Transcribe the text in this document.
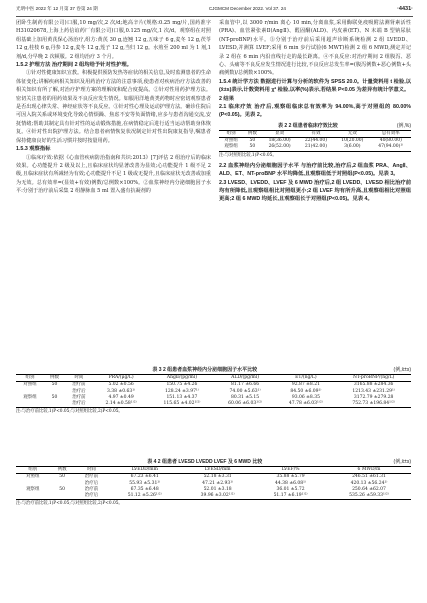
光明中医 2022 年 12 月第 37 卷第 24 期	CJGMCM December 2022. Vol 37. 24	·4431·

团卧生制药有限公司)口服,10 mg/次,2 次/d;地高辛片(规格:0.25 mg/片,国药准字 H31020678,上海上药信谊药厂有限公司)口服,0.125 mg/次,1 次/d。观察组在对照组基础上加用黄芪保心汤治疗,组方:黄芪 30 g,连翘 12 g,五味子 6 g,麦冬 12 g,茯苓 12 g,桂枝 6 g,丹参 12 g,麦冬 12 g,莲子 12 g,当归 12 g。水煎至 200 ml 为 1 剂,1 剂/d,分早晚 2 次顿服。2 组均治疗 3 个月。

1.5.2 护理方法 治疗期间 2 组均给予针对性护理。

①针对性健康知识宣教。积极提供预防发热等症状的相关信息,及时监测患者的生命体征变化;讲解疾病相关知识及用药治疗方法的注意事项,使患者对疾病治疗方法改善的相关知识有所了解,对治疗护理方案的理解度和配合度提高。②针对性用药护理方法。密切关注患者的用药效果及不良反应发生情况。如服用洋地黄类药物时应密切观察患者是否出现心律失常、神经症状等不良反应。③针对性心理及运动护理方法。确诊住院后可因入院关系或环境变化导致心情烦躁、焦虑不安等负面情绪,应多与患者沟通交流,安抚情绪;帮助其制定具有针对性的运动锻炼措施,在病情稳定后进行适当运动帮助身体恢复。④针对性出院护理方法。结合患者病情恢复状况制定针对性出院康复指导,嘱患者保持健康良好的生活习惯并按时按量用药。

1.5.3 观察指标

①临床疗效:依据《心血管疾病防治指南和共识:2013》[7]评估 2 组治疗后的临床效果。心功能提升 2 级及以上,且临床症状均显著改善为显效;心功能提升 1 级不足 2 级,且临床症状有所减轻为有效;心功能提升不足 1 级或无提升,且临床症状无改善或加重为无效。总有效率=(显效+有效)例数/总例数×100%。②血浆神经内分泌细胞因子水平:分别于治疗前后采集 2 组静脉血 5 ml 置入盛有抗凝剂的

采血管中,以 3000 r/min 离心 10 min,分离血浆,采用酶联免疫吸附法测肾素活性(PRA)、血管紧张素Ⅱ(AngⅡ)、醛固酮(ALD)、内皮素(ET)、N 末端 B 型钠尿肽(NT-proBNP)水平。③分别于治疗前后采用超声诊断系统检测 2 组 LVEDD、LVESD,并测算 LVEF;采用 6 min 步行试验(6 MWT)检测 2 组 6 MWD,测定并记录 2 组在 6 min 内沿直线行走的最长距离。④不良反应:对治疗期间 2 组腹泻、恶心、头痛等不良反应发生情况进行比较,不良反应总发生率=(腹泻例数+恶心例数+头痛例数)/总例数×100%。

1.5.4 统计学方法 数据进行计算与分析的软件为 SPSS 20.0。计量资料用 t 检验,以(x̄±s)表示,计数资料用 χ² 检验,以率(%)表示,若结果 P<0.05 为差异有统计学意义。
2 结果
2.1 临床疗效 治疗后,观察组临床总有效率为 94.00%,高于对照组的 80.00%(P<0.05)。见表 2。
表 2 2 组患者临床疗效比较	(例,%)
组别	例数	显效	有效	无效	总有效率
对照组	50	18(36.00)	22(44.00)	10(20.00)	40(80.00)
观察组	50	26(52.00)	21(42.00)	3(6.00)	47(94.00)¹⁾
注:与对照组比较,1)P<0.05。
2.2 血浆神经内分泌细胞因子水平 与治疗前比较,治疗后,2 组血浆 PRA、AngⅡ、ALD、ET、NT-proBNP 水平均降低,且观察组低于对照组(P<0.05)。见表 3。
2.3 LVESD、LVEDD、LVEF 及 6 MWD 治疗后,2 组 LVEDD、LVESD 相比治疗前均有所降低,且观察组相比对照组更小;2 组 LVEF 均有所升高,且观察组相比对照组更高;2 组 6 MWD 均延长,且观察组长于对照组(P<0.05)。见表 4。
表 3 2 组患者血浆神经内分泌细胞因子水平比较	(例,x̄±s)
组别	例数	时间	PRA/(μg/L)	AngⅡ/(pg/ml)	ALD/(pg/ml)	ET/(ng/L)	NT-proBNP/(ng/L)
对照组	50	治疗前	5.02 ±0.56	150.75 ±4.26	81.17 ±6.66	92.87 ±8.21	3165.88 ±284.36
		治疗后	3.38 ±0.63¹⁾	128.24 ±3.97¹⁾	74.00 ±5.63¹⁾	84.50 ±6.09¹⁾	1213.43 ±231.29¹⁾
观察组	50	治疗前	4.97 ±0.49	151.13 ±4.37	80.31 ±5.15	93.06 ±8.35	3172.79 ±279.28
		治疗后	2.14 ±0.58¹⁾²⁾	115.65 ±4.02¹⁾²⁾	60.06 ±6.03¹⁾²⁾	47.78 ±6.03¹⁾²⁾	752.73 ±196.84¹⁾²⁾
注:与治疗前比较,1)P<0.05;与对照组比较,2)P<0.05。
表 4 2 组患者 LVESD LVEDD LVEF 及 6 MWD 比较	(例,x̄±s)
组别	例数	时间	LVEDD/mm	LVESD/mm	LVEF/%	6 MWD/m
对照组	50	治疗前	67.23 ±6.41	52.18 ±3.31	35.88 ±5.79	246.51 ±61.31
		治疗后	55.93 ±5.31¹⁾	47.21 ±2.93¹⁾	44.38 ±6.08¹⁾	420.13 ±56.24¹⁾
观察组	50	治疗前	67.35 ±6.48	52.01 ±3.18	36.01 ±5.72	250.64 ±62.07
		治疗后	51.12 ±5.26¹⁾²⁾	39.96 ±3.02¹⁾²⁾	51.17 ±6.19¹⁾²⁾	535.26 ±59.33¹⁾²⁾
注:与治疗前比较,1)P<0.05;与对照组比较,2)P<0.05。
